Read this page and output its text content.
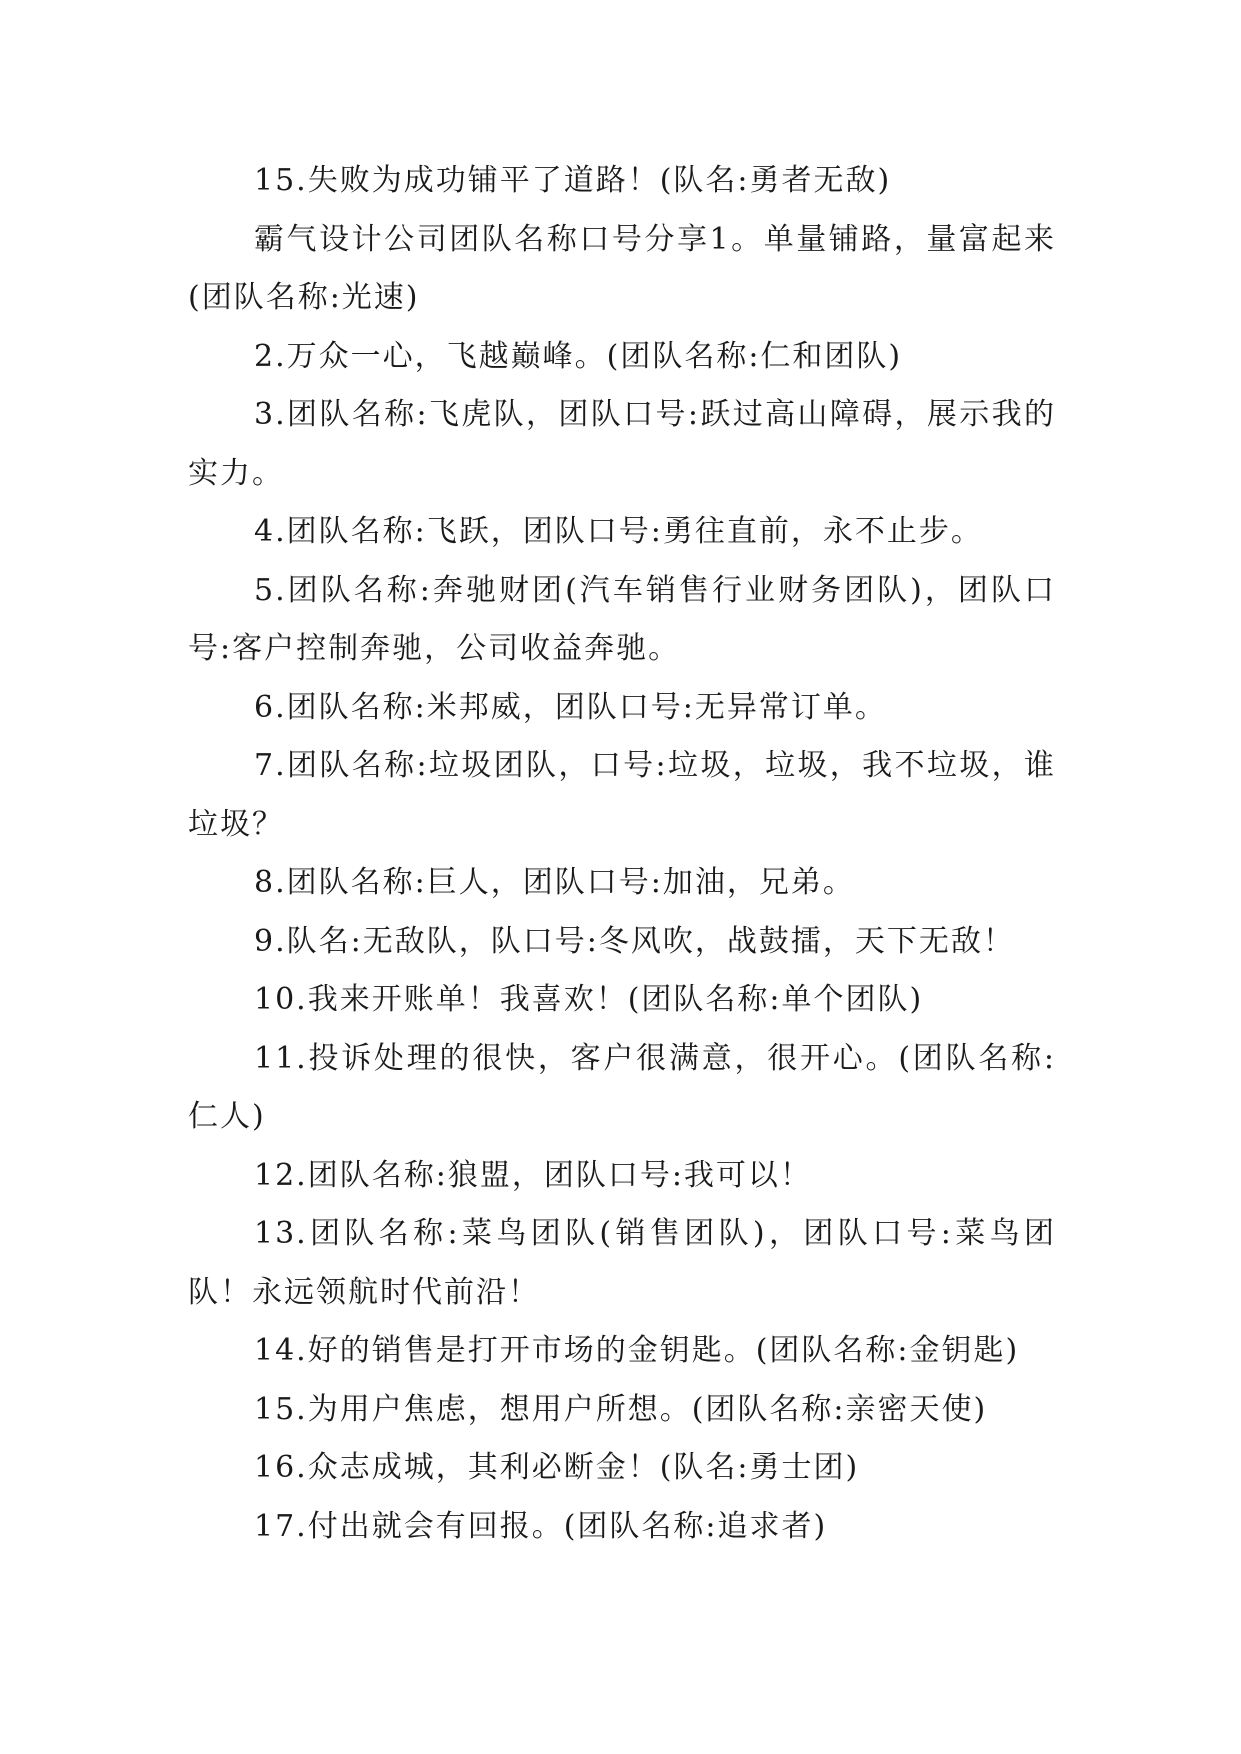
15.失败为成功铺平了道路！(队名:勇者无敌)

霸气设计公司团队名称口号分享1。单量铺路，量富起来(团队名称:光速)

2.万众一心，飞越巅峰。(团队名称:仁和团队)

3.团队名称:飞虎队，团队口号:跃过高山障碍，展示我的实力。

4.团队名称:飞跃，团队口号:勇往直前，永不止步。

5.团队名称:奔驰财团(汽车销售行业财务团队)，团队口号:客户控制奔驰，公司收益奔驰。

6.团队名称:米邦威，团队口号:无异常订单。

7.团队名称:垃圾团队，口号:垃圾，垃圾，我不垃圾，谁垃圾？

8.团队名称:巨人，团队口号:加油，兄弟。

9.队名:无敌队，队口号:冬风吹，战鼓擂，天下无敌！

10.我来开账单！我喜欢！(团队名称:单个团队)

11.投诉处理的很快，客户很满意，很开心。(团队名称:仁人)

12.团队名称:狼盟，团队口号:我可以！

13.团队名称:菜鸟团队(销售团队)，团队口号:菜鸟团队！永远领航时代前沿！

14.好的销售是打开市场的金钥匙。(团队名称:金钥匙)

15.为用户焦虑，想用户所想。(团队名称:亲密天使)

16.众志成城，其利必断金！(队名:勇士团)

17.付出就会有回报。(团队名称:追求者)
